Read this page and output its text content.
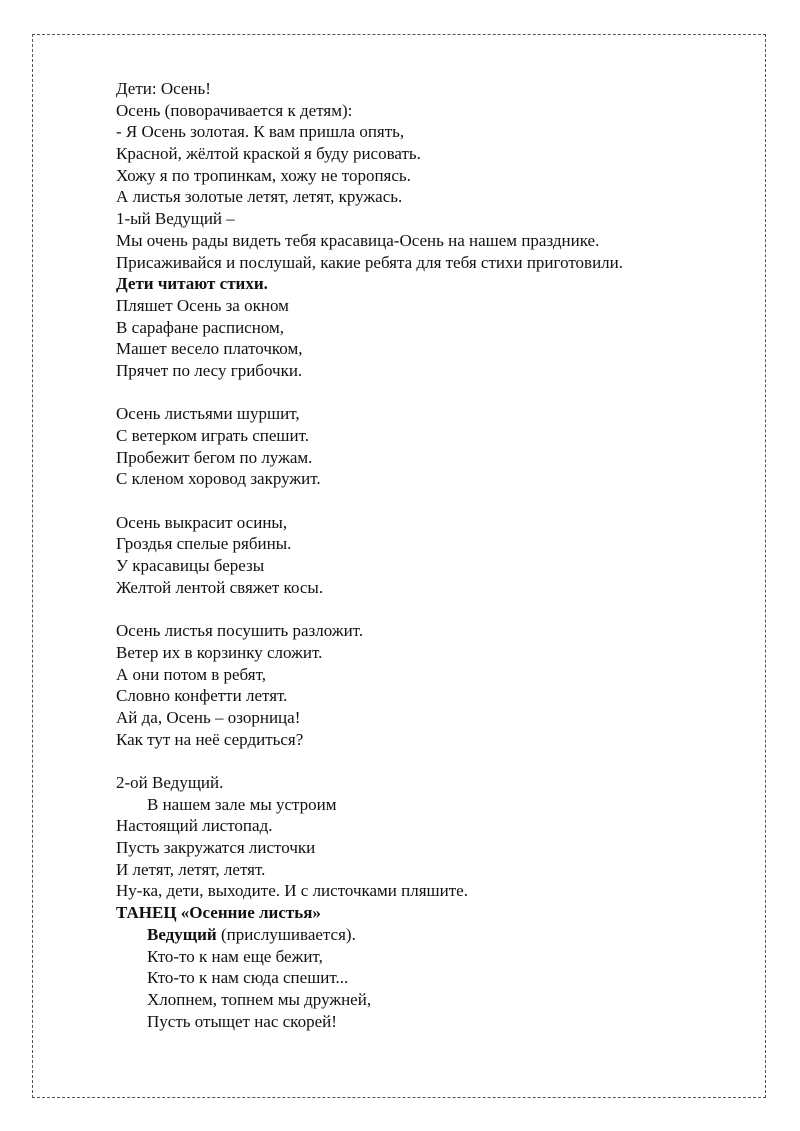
Дети: Осень!
Осень (поворачивается к детям):
- Я Осень золотая. К вам пришла опять,
Красной, жёлтой краской я буду рисовать.
Хожу я по тропинкам, хожу не торопясь.
А листья золотые летят, летят, кружась.
1-ый Ведущий –
Мы очень рады видеть тебя красавица-Осень на нашем празднике.
Присаживайся и послушай, какие ребята для тебя стихи приготовили.
Дети читают стихи.
Пляшет Осень за окном
В сарафане расписном,
Машет весело платочком,
Прячет по лесу грибочки.
Осень листьями шуршит,
С ветерком играть спешит.
Пробежит бегом по лужам.
С кленом хоровод закружит.
Осень выкрасит осины,
Гроздья спелые рябины.
У красавицы березы
Желтой лентой свяжет косы.
Осень листья посушить разложит.
Ветер их в корзинку сложит.
А они потом в ребят,
Словно конфетти летят.
Ай да, Осень – озорница!
Как тут на неё сердиться?
2-ой Ведущий.
В нашем зале мы устроим
Настоящий листопад.
Пусть закружатся листочки
И летят, летят, летят.
Ну-ка, дети, выходите. И с листочками пляшите.
ТАНЕЦ «Осенние листья»
Ведущий (прислушивается).
Кто-то к нам еще бежит,
Кто-то к нам сюда спешит...
Хлопнем, топнем мы дружней,
Пусть отыщет нас скорей!
